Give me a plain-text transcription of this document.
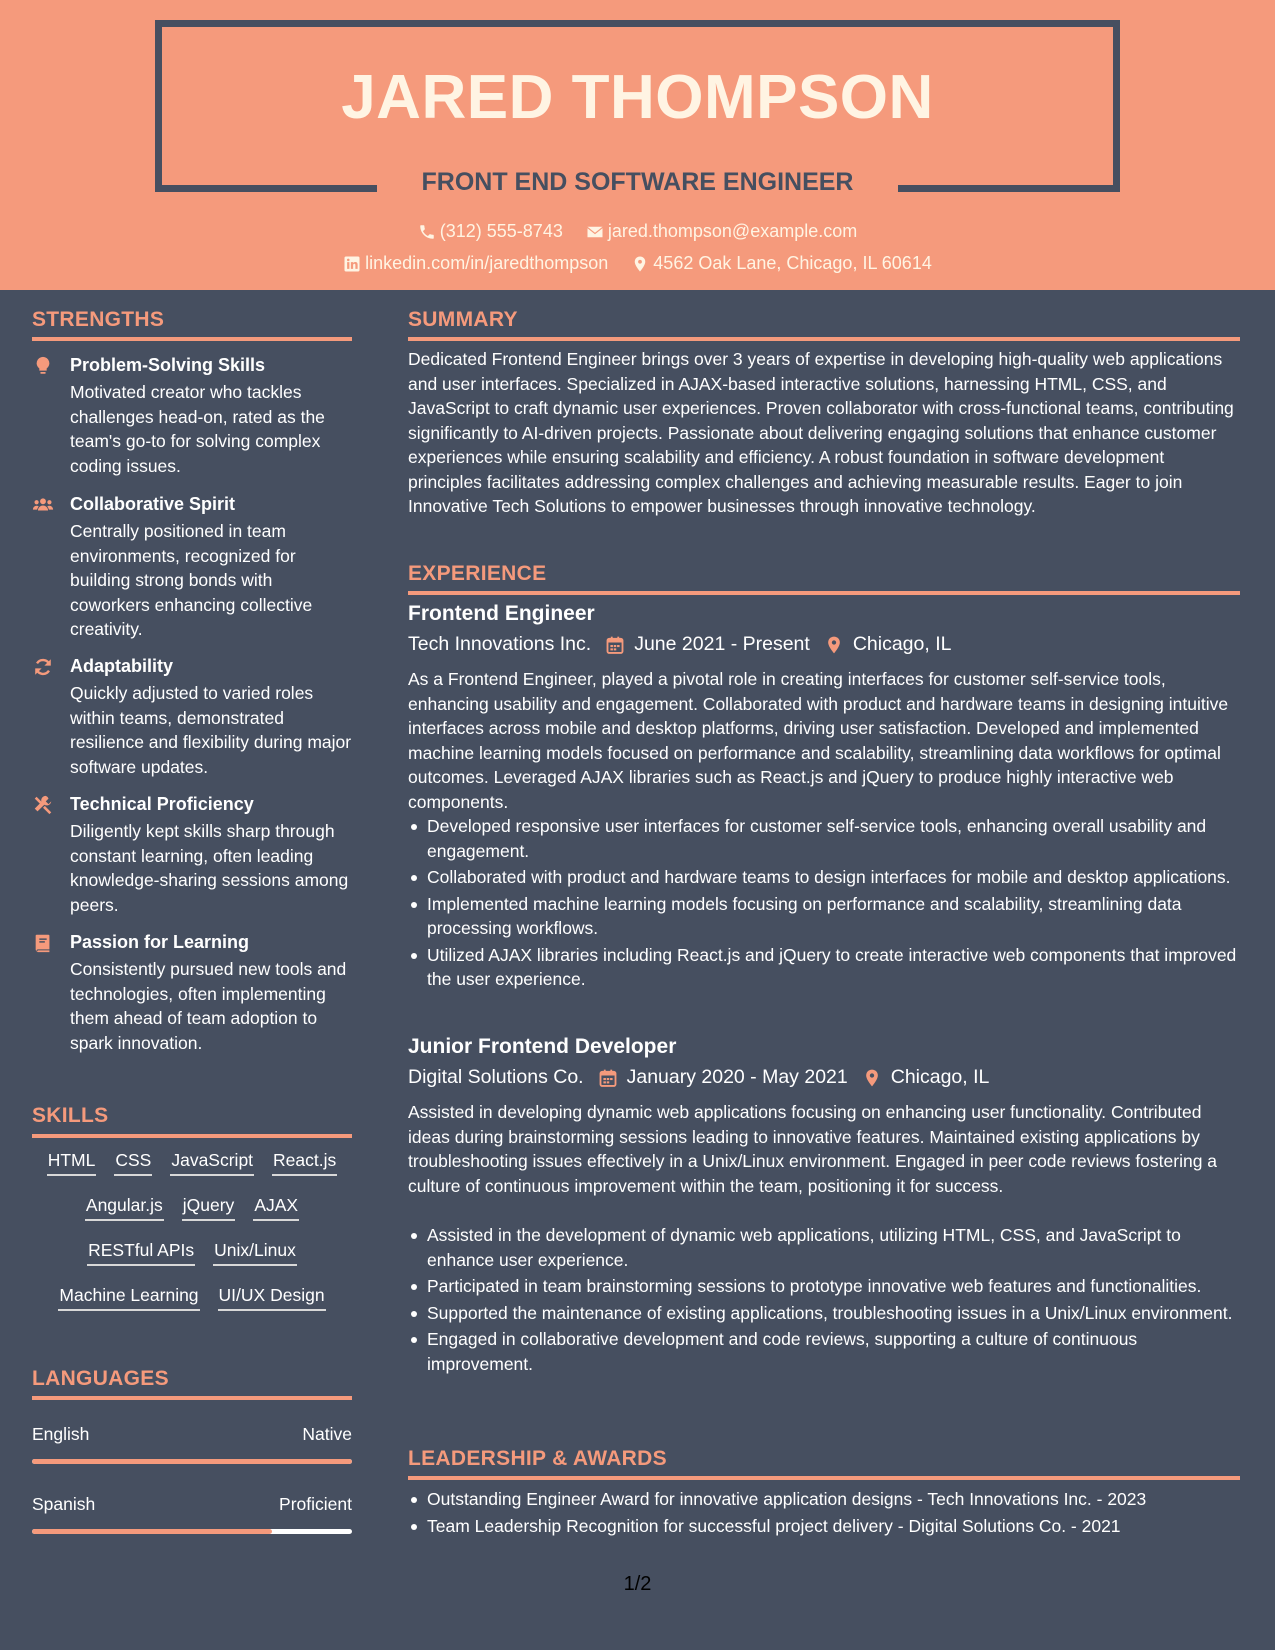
JARED THOMPSON
FRONT END SOFTWARE ENGINEER
(312) 555-8743
	jared.thompson@example.com
linkedin.com/in/jaredthompson
	4562 Oak Lane, Chicago, IL 60614
STRENGTHS
Problem-Solving Skills
Motivated creator who tackles challenges head-on, rated as the team's go-to for solving complex coding issues.
Collaborative Spirit
Centrally positioned in team environments, recognized for building strong bonds with coworkers enhancing collective creativity.
Adaptability
Quickly adjusted to varied roles within teams, demonstrated resilience and flexibility during major software updates.
Technical Proficiency
Diligently kept skills sharp through constant learning, often leading knowledge-sharing sessions among peers.
Passion for Learning
Consistently pursued new tools and technologies, often implementing them ahead of team adoption to spark innovation.
SKILLS
HTML CSS JavaScript React.js
Angular.js jQuery AJAX
RESTful APIs Unix/Linux
Machine Learning UI/UX Design
LANGUAGES
English	Native
Spanish	Proficient
SUMMARY
Dedicated Frontend Engineer brings over 3 years of expertise in developing high-quality web applications and user interfaces. Specialized in AJAX-based interactive solutions, harnessing HTML, CSS, and JavaScript to craft dynamic user experiences. Proven collaborator with cross-functional teams, contributing significantly to AI-driven projects. Passionate about delivering engaging solutions that enhance customer experiences while ensuring scalability and efficiency. A robust foundation in software development principles facilitates addressing complex challenges and achieving measurable results. Eager to join Innovative Tech Solutions to empower businesses through innovative technology.
EXPERIENCE
Frontend Engineer
Tech Innovations Inc. June 2021 - Present Chicago, IL
As a Frontend Engineer, played a pivotal role in creating interfaces for customer self-service tools, enhancing usability and engagement. Collaborated with product and hardware teams in designing intuitive interfaces across mobile and desktop platforms, driving user satisfaction. Developed and implemented machine learning models focused on performance and scalability, streamlining data workflows for optimal outcomes. Leveraged AJAX libraries such as React.js and jQuery to produce highly interactive web components.
Developed responsive user interfaces for customer self-service tools, enhancing overall usability and engagement.
Collaborated with product and hardware teams to design interfaces for mobile and desktop applications.
Implemented machine learning models focusing on performance and scalability, streamlining data processing workflows.
Utilized AJAX libraries including React.js and jQuery to create interactive web components that improved the user experience.
Junior Frontend Developer
Digital Solutions Co. January 2020 - May 2021 Chicago, IL
Assisted in developing dynamic web applications focusing on enhancing user functionality. Contributed ideas during brainstorming sessions leading to innovative features. Maintained existing applications by troubleshooting issues effectively in a Unix/Linux environment. Engaged in peer code reviews fostering a culture of continuous improvement within the team, positioning it for success.
Assisted in the development of dynamic web applications, utilizing HTML, CSS, and JavaScript to enhance user experience.
Participated in team brainstorming sessions to prototype innovative web features and functionalities.
Supported the maintenance of existing applications, troubleshooting issues in a Unix/Linux environment.
Engaged in collaborative development and code reviews, supporting a culture of continuous improvement.
LEADERSHIP & AWARDS
Outstanding Engineer Award for innovative application designs - Tech Innovations Inc. - 2023
Team Leadership Recognition for successful project delivery - Digital Solutions Co. - 2021
1/2
